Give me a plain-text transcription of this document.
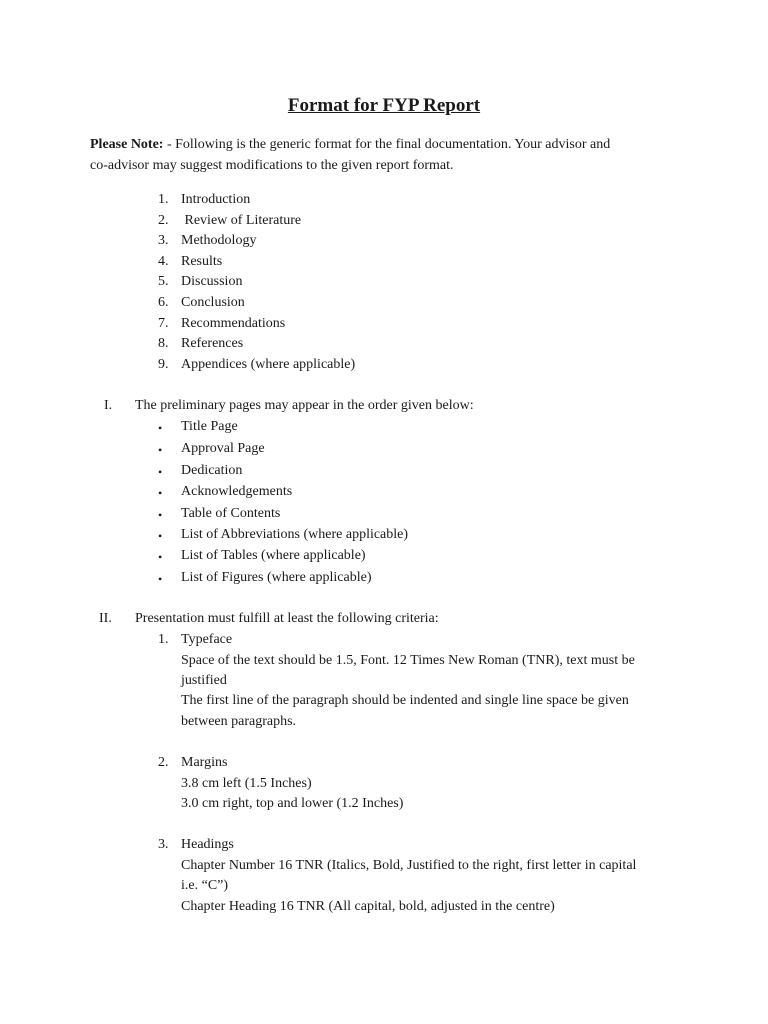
Format for FYP Report
Please Note: - Following is the generic format for the final documentation. Your advisor and
co-advisor may suggest modifications to the given report format.
1. Introduction
2. Review of Literature
3. Methodology
4. Results
5. Discussion
6. Conclusion
7. Recommendations
8. References
9. Appendices (where applicable)
I. The preliminary pages may appear in the order given below:
• Title Page
• Approval Page
• Dedication
• Acknowledgements
• Table of Contents
• List of Abbreviations (where applicable)
• List of Tables (where applicable)
• List of Figures (where applicable)
II. Presentation must fulfill at least the following criteria:
1. Typeface
Space of the text should be 1.5, Font. 12 Times New Roman (TNR), text must be
justified
The first line of the paragraph should be indented and single line space be given
between paragraphs.
2. Margins
3.8 cm left (1.5 Inches)
3.0 cm right, top and lower (1.2 Inches)
3. Headings
Chapter Number 16 TNR (Italics, Bold, Justified to the right, first letter in capital
i.e. “C”)
Chapter Heading 16 TNR (All capital, bold, adjusted in the centre)
